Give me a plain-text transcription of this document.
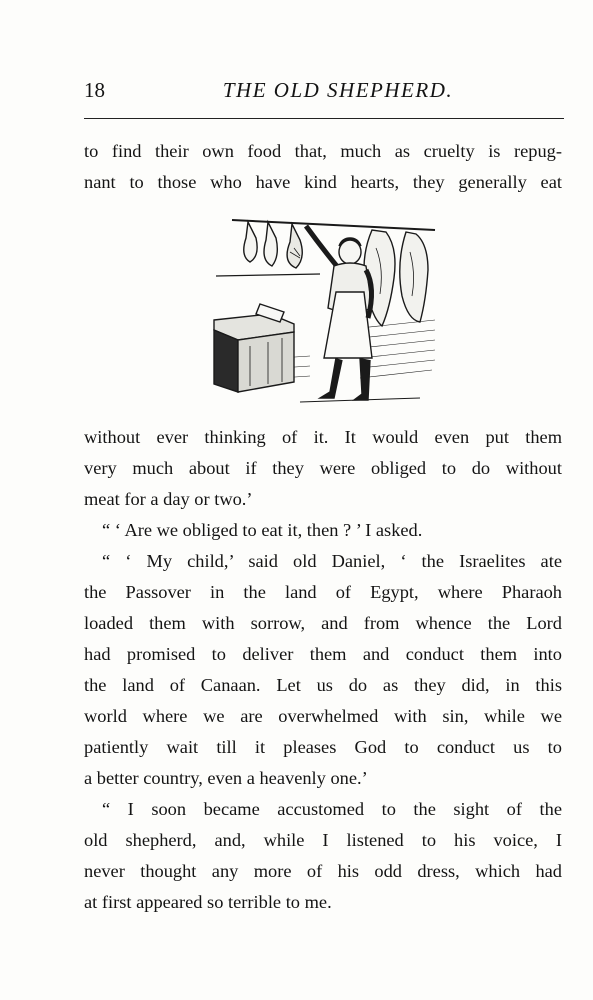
18	THE OLD SHEPHERD.

to find their own food that, much as cruelty is repug-
nant to those who have kind hearts, they generally eat

without ever thinking of it. It would even put them
very much about if they were obliged to do without
meat for a day or two.’

“ ‘ Are we obliged to eat it, then ? ’ I asked.

“ ‘ My child,’ said old Daniel, ‘ the Israelites ate
the Passover in the land of Egypt, where Pharaoh
loaded them with sorrow, and from whence the Lord
had promised to deliver them and conduct them into
the land of Canaan. Let us do as they did, in this
world where we are overwhelmed with sin, while we
patiently wait till it pleases God to conduct us to
a better country, even a heavenly one.’

“ I soon became accustomed to the sight of the
old shepherd, and, while I listened to his voice, I
never thought any more of his odd dress, which had
at first appeared so terrible to me.
